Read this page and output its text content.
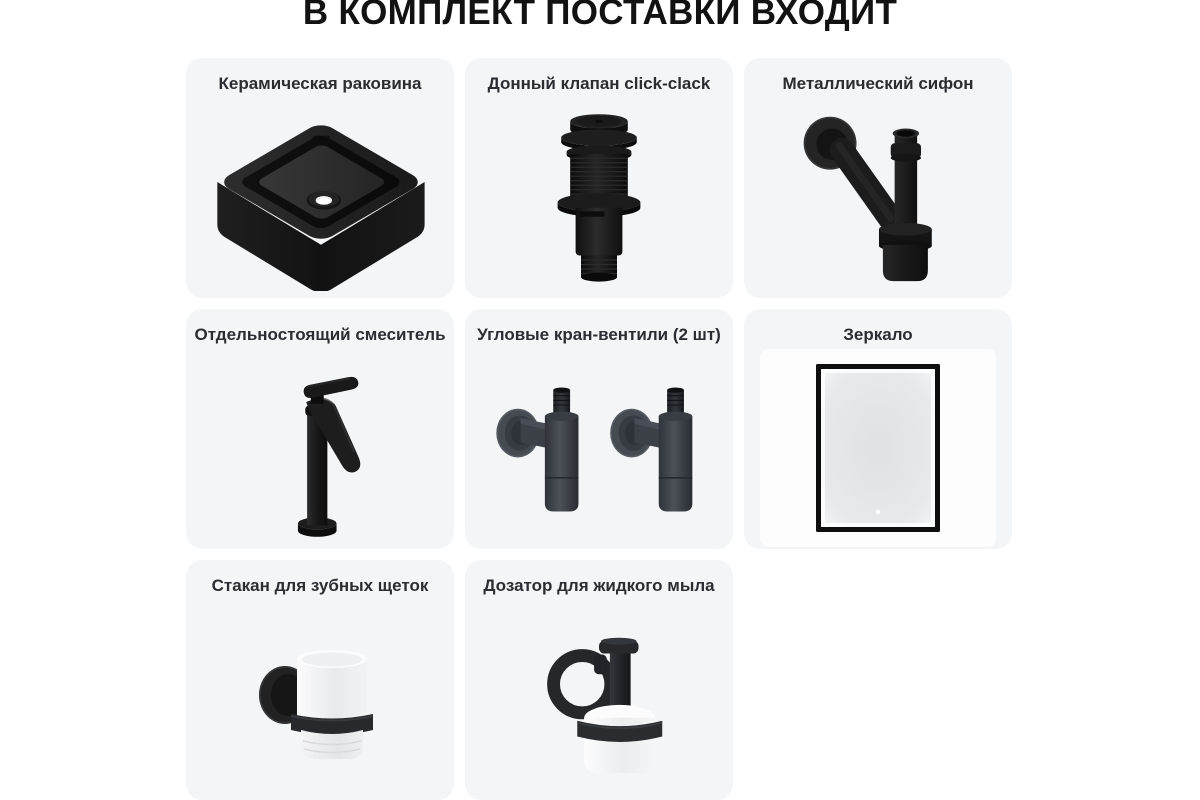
В КОМПЛЕКТ ПОСТАВКИ ВХОДИТ
Керамическая раковина	Донный клапан click-clack	Металлический сифон
Отдельностоящий смеситель Угловые кран-вентили (2 шт)	Зеркало
Стакан для зубных щеток	Дозатор для жидкого мыла
